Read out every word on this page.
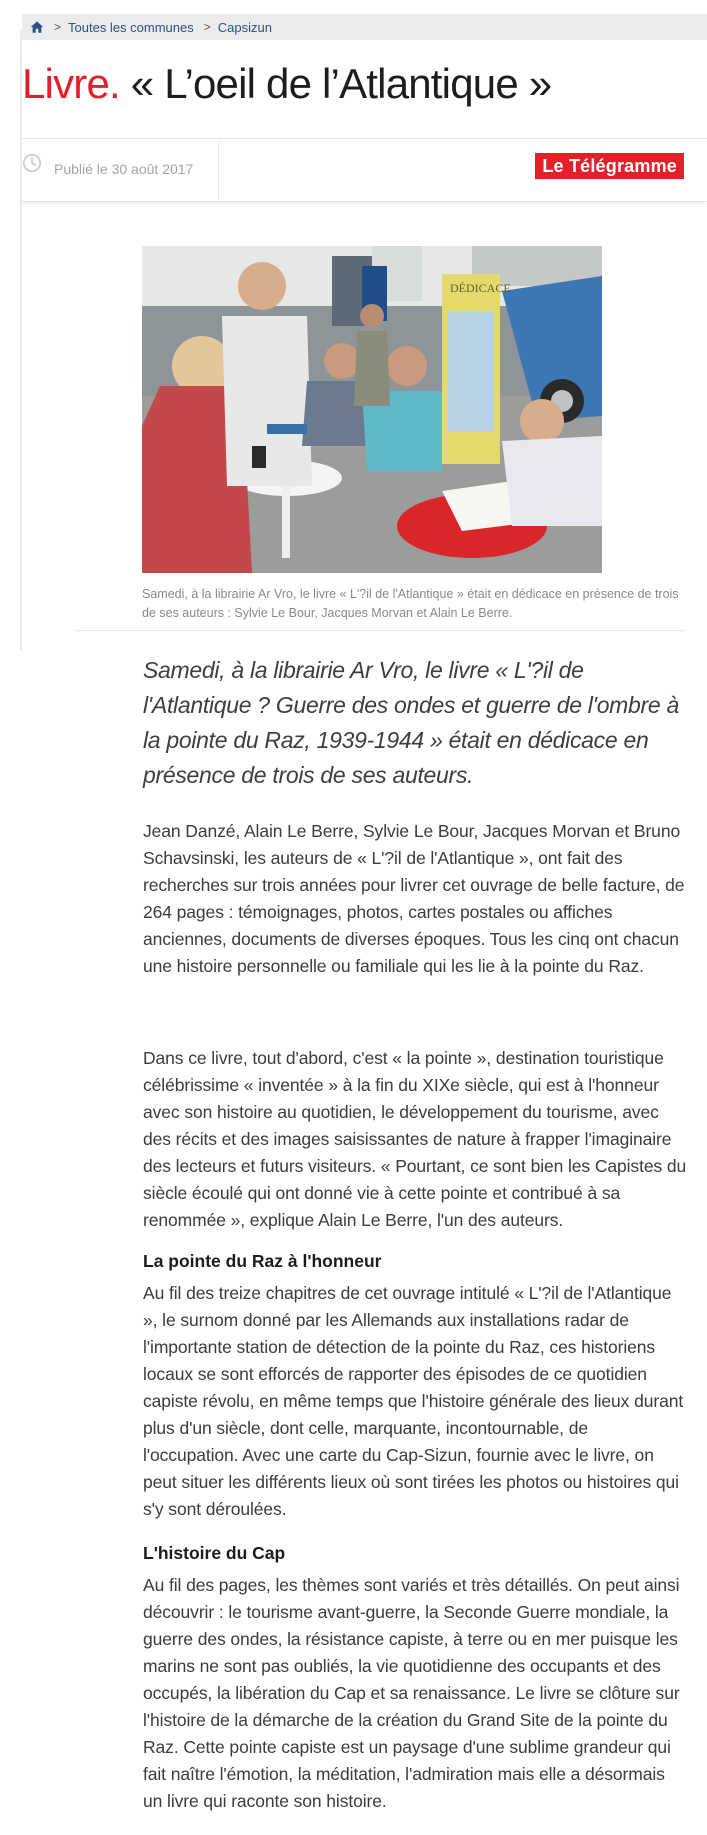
> Toutes les communes > Capsizun
Livre. « L’oeil de l’Atlantique »
Publié le 30 août 2017	Le Télégramme
DÉDICACE

Samedi, à la librairie Ar Vro, le livre « L'?il de l'Atlantique » était en dédicace en présence de trois de ses auteurs : Sylvie Le Bour, Jacques Morvan et Alain Le Berre.

Samedi, à la librairie Ar Vro, le livre « L'?il de l'Atlantique ? Guerre des ondes et guerre de l'ombre à la pointe du Raz, 1939-1944 » était en dédicace en présence de trois de ses auteurs.

Jean Danzé, Alain Le Berre, Sylvie Le Bour, Jacques Morvan et Bruno Schavsinski, les auteurs de « L'?il de l'Atlantique », ont fait des recherches sur trois années pour livrer cet ouvrage de belle facture, de 264 pages : témoignages, photos, cartes postales ou affiches anciennes, documents de diverses époques. Tous les cinq ont chacun une histoire personnelle ou familiale qui les lie à la pointe du Raz.

Dans ce livre, tout d'abord, c'est « la pointe », destination touristique célébrissime « inventée » à la fin du XIXe siècle, qui est à l'honneur avec son histoire au quotidien, le développement du tourisme, avec des récits et des images saisissantes de nature à frapper l'imaginaire des lecteurs et futurs visiteurs. « Pourtant, ce sont bien les Capistes du siècle écoulé qui ont donné vie à cette pointe et contribué à sa renommée », explique Alain Le Berre, l'un des auteurs.

La pointe du Raz à l'honneur

Au fil des treize chapitres de cet ouvrage intitulé « L'?il de l'Atlantique », le surnom donné par les Allemands aux installations radar de l'importante station de détection de la pointe du Raz, ces historiens locaux se sont efforcés de rapporter des épisodes de ce quotidien capiste révolu, en même temps que l'histoire générale des lieux durant plus d'un siècle, dont celle, marquante, incontournable, de l'occupation. Avec une carte du Cap-Sizun, fournie avec le livre, on peut situer les différents lieux où sont tirées les photos ou histoires qui s'y sont déroulées.

L'histoire du Cap

Au fil des pages, les thèmes sont variés et très détaillés. On peut ainsi découvrir : le tourisme avant-guerre, la Seconde Guerre mondiale, la guerre des ondes, la résistance capiste, à terre ou en mer puisque les marins ne sont pas oubliés, la vie quotidienne des occupants et des occupés, la libération du Cap et sa renaissance. Le livre se clôture sur l'histoire de la démarche de la création du Grand Site de la pointe du Raz. Cette pointe capiste est un paysage d'une sublime grandeur qui fait naître l'émotion, la méditation, l'admiration mais elle a désormais un livre qui raconte son histoire.
